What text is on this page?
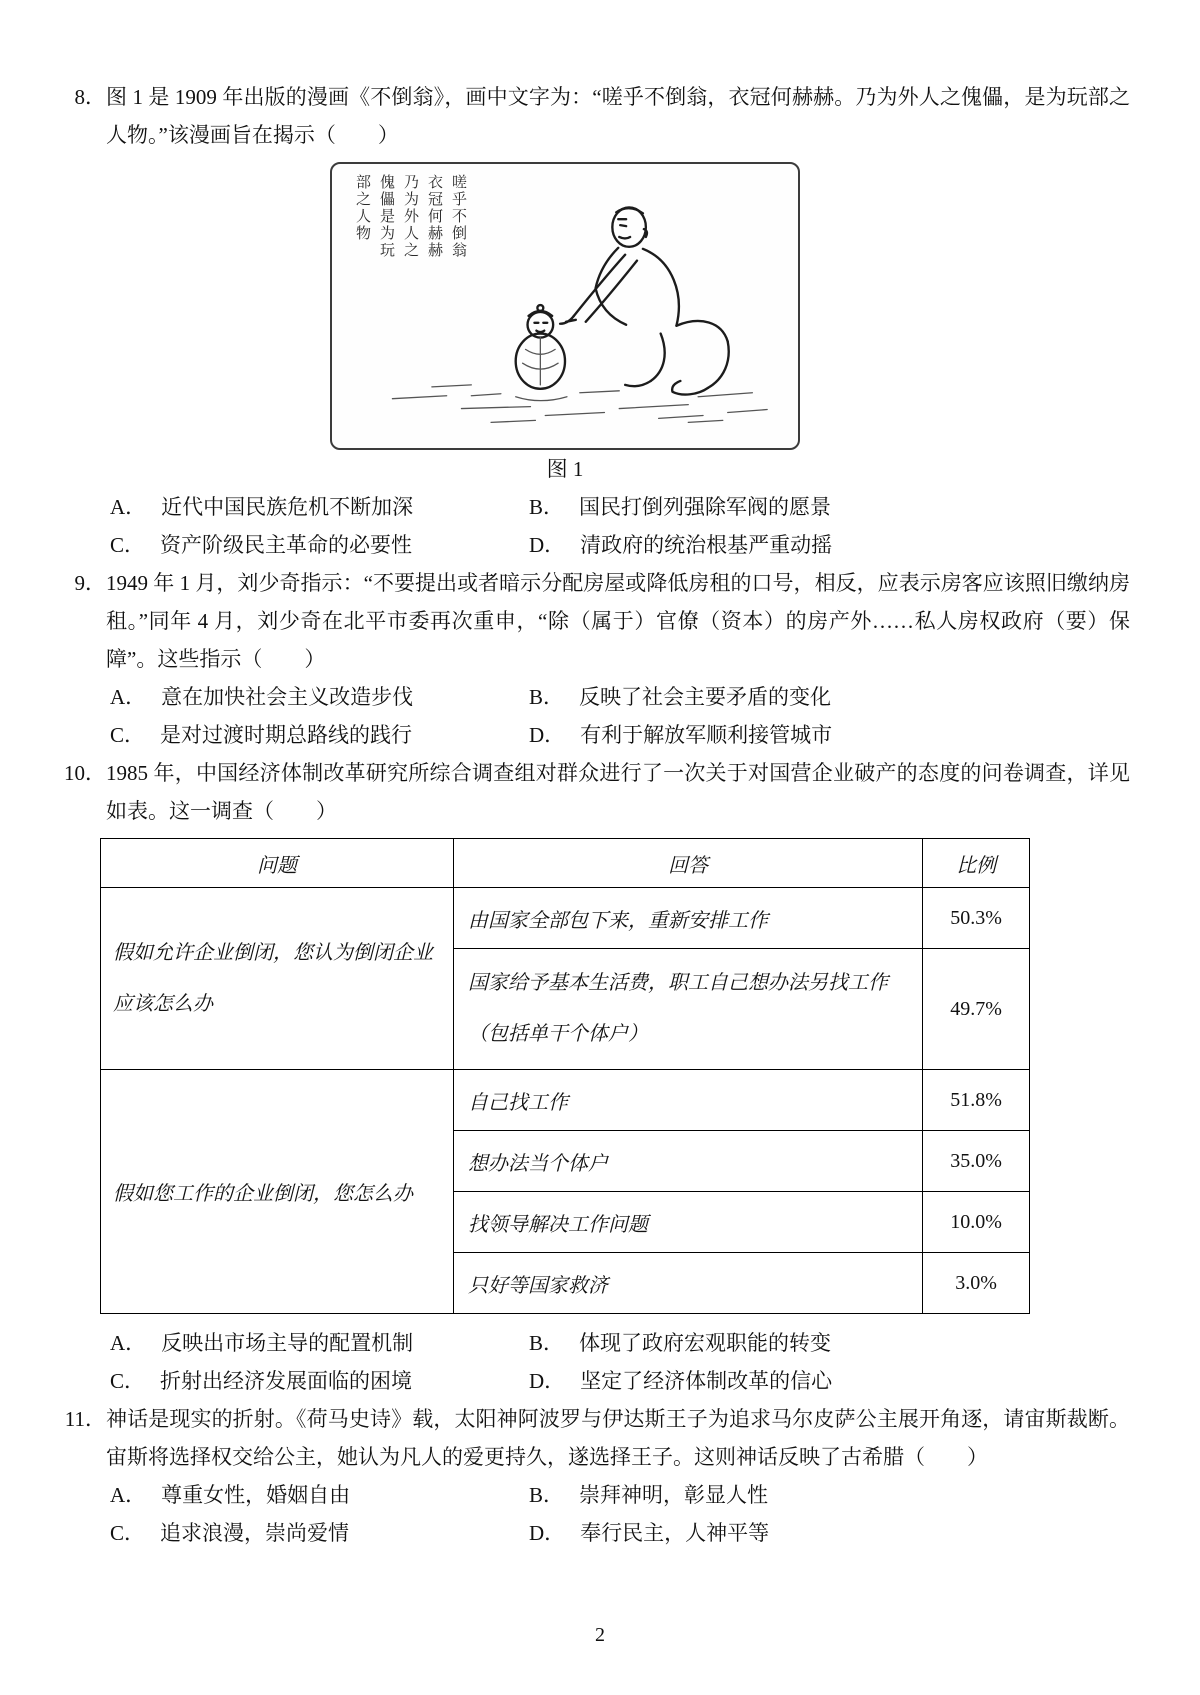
8． 图 1 是 1909 年出版的漫画《不倒翁》，画中文字为：“嗟乎不倒翁，衣冠何赫赫。乃为外人之傀儡，是为玩部之人物。”该漫画旨在揭示（　　）

嗟乎不倒翁
衣冠何赫赫
乃为外人之
傀儡是为玩
部之人物
图 1
A． 近代中国民族危机不断加深	B． 国民打倒列强除军阀的愿景
C． 资产阶级民主革命的必要性	D． 清政府的统治根基严重动摇
9． 1949 年 1 月，刘少奇指示：“不要提出或者暗示分配房屋或降低房租的口号，相反，应表示房客应该照旧缴纳房租。”同年 4 月，刘少奇在北平市委再次重申，“除（属于）官僚（资本）的房产外……私人房权政府（要）保障”。这些指示（　　）

A． 意在加快社会主义改造步伐	B． 反映了社会主要矛盾的变化
C． 是对过渡时期总路线的践行	D． 有利于解放军顺利接管城市
10． 1985 年，中国经济体制改革研究所综合调查组对群众进行了一次关于对国营企业破产的态度的问卷调查，详见如表。这一调查（　　）

问题	回答	比例
假如允许企业倒闭，您认为倒闭企业应该怎么办	由国家全部包下来，重新安排工作	50.3%
	国家给予基本生活费，职工自己想办法另找工作（包括单干个体户）	49.7%
假如您工作的企业倒闭，您怎么办	自己找工作	51.8%
	想办法当个体户	35.0%
	找领导解决工作问题	10.0%
	只好等国家救济	3.0%
A． 反映出市场主导的配置机制	B． 体现了政府宏观职能的转变
C． 折射出经济发展面临的困境	D． 坚定了经济体制改革的信心
11． 神话是现实的折射。《荷马史诗》载，太阳神阿波罗与伊达斯王子为追求马尔皮萨公主展开角逐，请宙斯裁断。宙斯将选择权交给公主，她认为凡人的爱更持久，遂选择王子。这则神话反映了古希腊（　　）

A． 尊重女性，婚姻自由	B． 崇拜神明，彰显人性
C． 追求浪漫，崇尚爱情	D． 奉行民主，人神平等
2
